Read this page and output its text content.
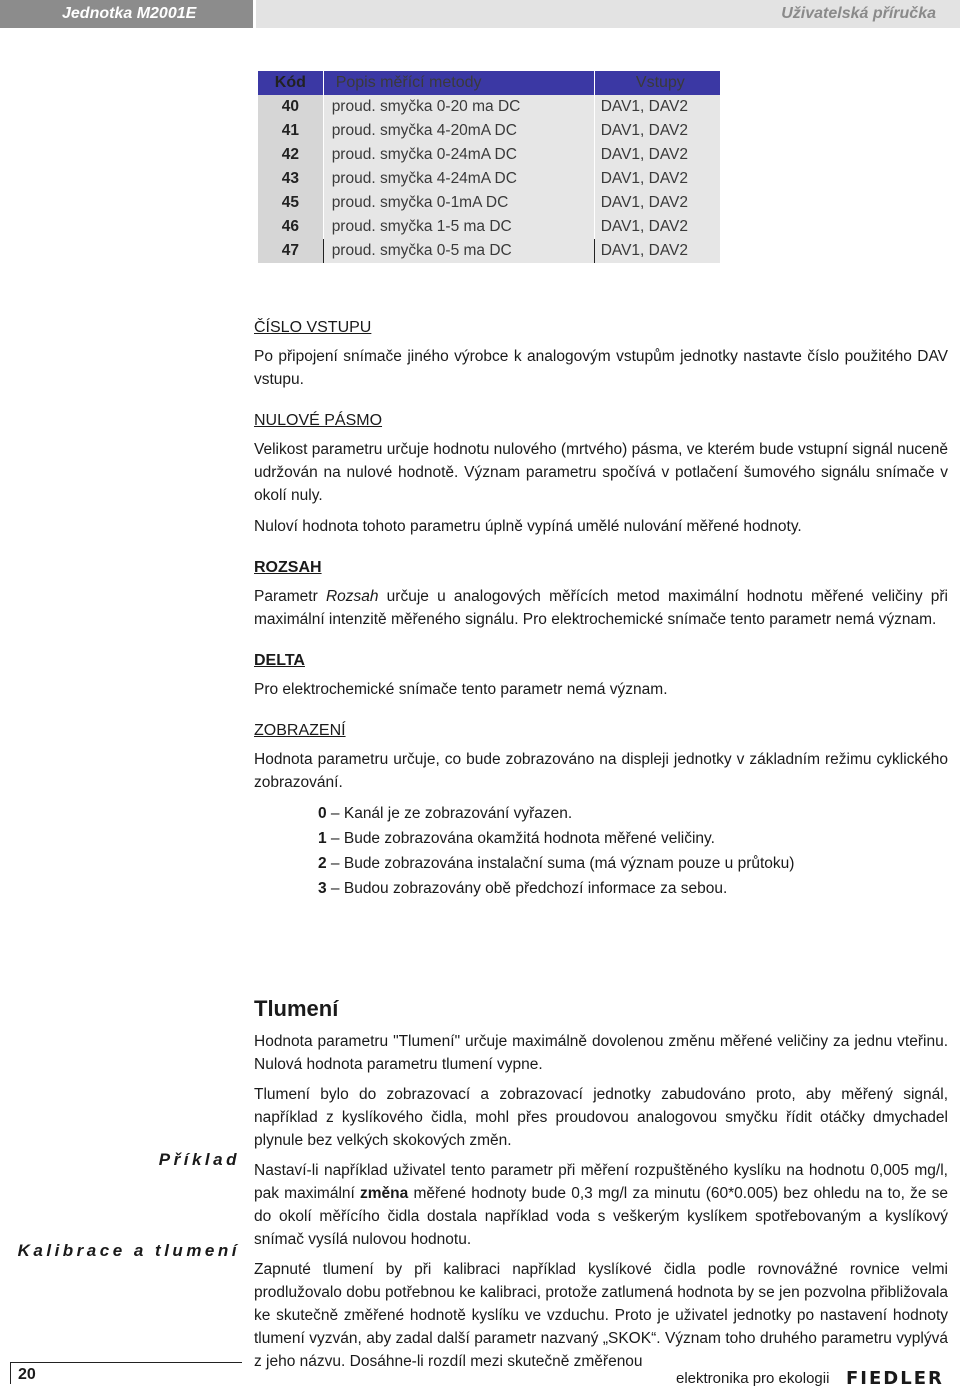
Jednotka M2001E	Uživatelská příručka
Kód	Popis měřící metody	Vstupy
40	proud. smyčka 0-20 ma DC	DAV1, DAV2
41	proud. smyčka 4-20mA DC	DAV1, DAV2
42	proud. smyčka 0-24mA DC	DAV1, DAV2
43	proud. smyčka 4-24mA DC	DAV1, DAV2
45	proud. smyčka 0-1mA DC	DAV1, DAV2
46	proud. smyčka 1-5 ma DC	DAV1, DAV2
47	proud. smyčka 0-5 ma DC	DAV1, DAV2
ČÍSLO VSTUPU

Po připojení snímače jiného výrobce k analogovým vstupům jednotky nastavte číslo použitého DAV vstupu.

NULOVÉ PÁSMO

Velikost parametru určuje hodnotu nulového (mrtvého) pásma, ve kterém bude vstupní signál nuceně udržován na nulové hodnotě. Význam parametru spočívá v potlačení šumového signálu snímače v okolí nuly.

Nuloví hodnota tohoto parametru úplně vypíná umělé nulování měřené hodnoty.

ROZSAH

Parametr Rozsah určuje u analogových měřících metod maximální hodnotu měřené veličiny při maximální intenzitě měřeného signálu. Pro elektrochemické snímače tento parametr nemá význam.

DELTA

Pro elektrochemické snímače tento parametr nemá význam.

ZOBRAZENÍ

Hodnota parametru určuje, co bude zobrazováno na displeji jednotky v základním režimu cyklického zobrazování.

0 – Kanál je ze zobrazování vyřazen.
1 – Bude zobrazována okamžitá hodnota měřené veličiny.
2 – Bude zobrazována instalační suma (má význam pouze u průtoku)
3 – Budou zobrazovány obě předchozí informace za sebou.
Tlumení

Hodnota parametru "Tlumení" určuje maximálně dovolenou změnu měřené veličiny za jednu vteřinu. Nulová hodnota parametru tlumení vypne.

Tlumení bylo do zobrazovací a zobrazovací jednotky zabudováno proto, aby měřený signál, například z kyslíkového čidla, mohl přes proudovou analogovou smyčku řídit otáčky dmychadel plynule bez velkých skokových změn.

Nastaví-li například uživatel tento parametr při měření rozpuštěného kyslíku na hodnotu 0,005 mg/l, pak maximální změna měřené hodnoty bude 0,3 mg/l za minutu (60*0.005) bez ohledu na to, že se do okolí měřícího čidla dostala například voda s veškerým kyslíkem spotřebovaným a kyslíkový snímač vysílá nulovou hodnotu.

Zapnuté tlumení by při kalibraci například kyslíkové čidla podle rovnovážné rovnice velmi prodlužovalo dobu potřebnou ke kalibraci, protože zatlumená hodnota by se jen pozvolna přibližovala ke skutečně změřené hodnotě kyslíku ve vzduchu. Proto je uživatel jednotky po nastavení hodnoty tlumení vyzván, aby zadal další parametr nazvaný „SKOK“. Význam toho druhého parametru vyplývá z jeho názvu. Dosáhne-li rozdíl mezi skutečně změřenou

Příklad
Kalibrace a tlumení
20	elektronika pro ekologii FIEDLER
